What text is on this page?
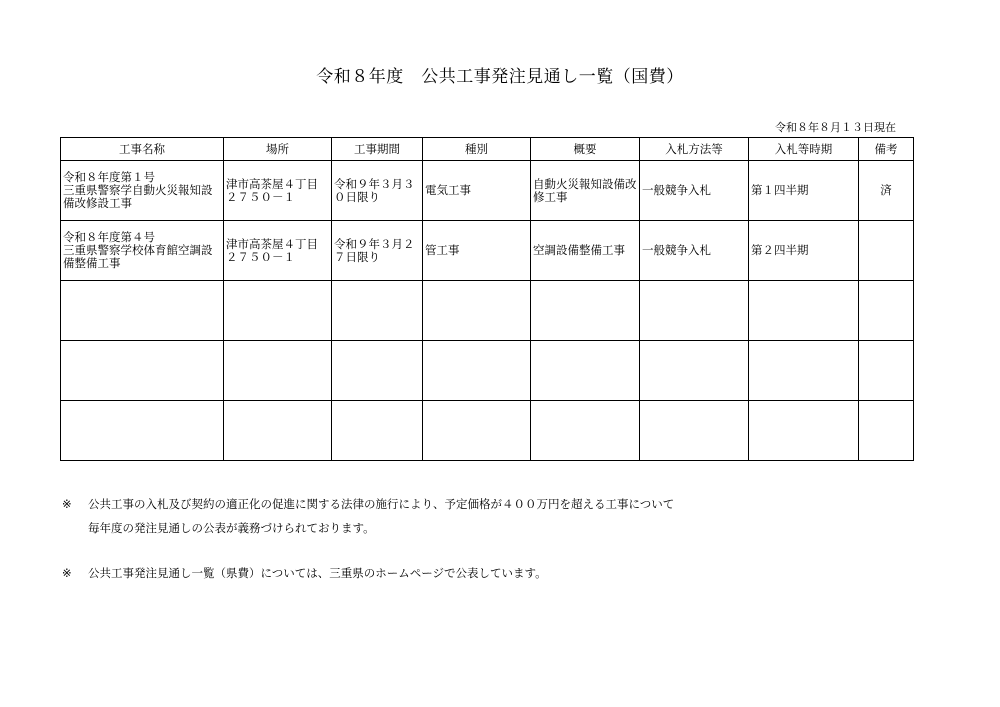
令和８年度　公共工事発注見通し一覧（国費）
令和８年８月１３日現在
工事名称	場所	工事期間	種別	概要	入札方法等	入札等時期	備考
令和８年度第１号
三重県警察学自動火災報知設備改修設工事	津市高茶屋４丁目２７５０－１	令和９年３月３０日限り	電気工事	自動火災報知設備改修工事	一般競争入札	第１四半期	済
令和８年度第４号
三重県警察学校体育館空調設備整備工事	津市高茶屋４丁目２７５０－１	令和９年３月２７日限り	管工事	空調設備整備工事	一般競争入札	第２四半期	

※ 公共工事の入札及び契約の適正化の促進に関する法律の施行により、予定価格が４００万円を超える工事について
毎年度の発注見通しの公表が義務づけられております。
※ 公共工事発注見通し一覧（県費）については、三重県のホームページで公表しています。
